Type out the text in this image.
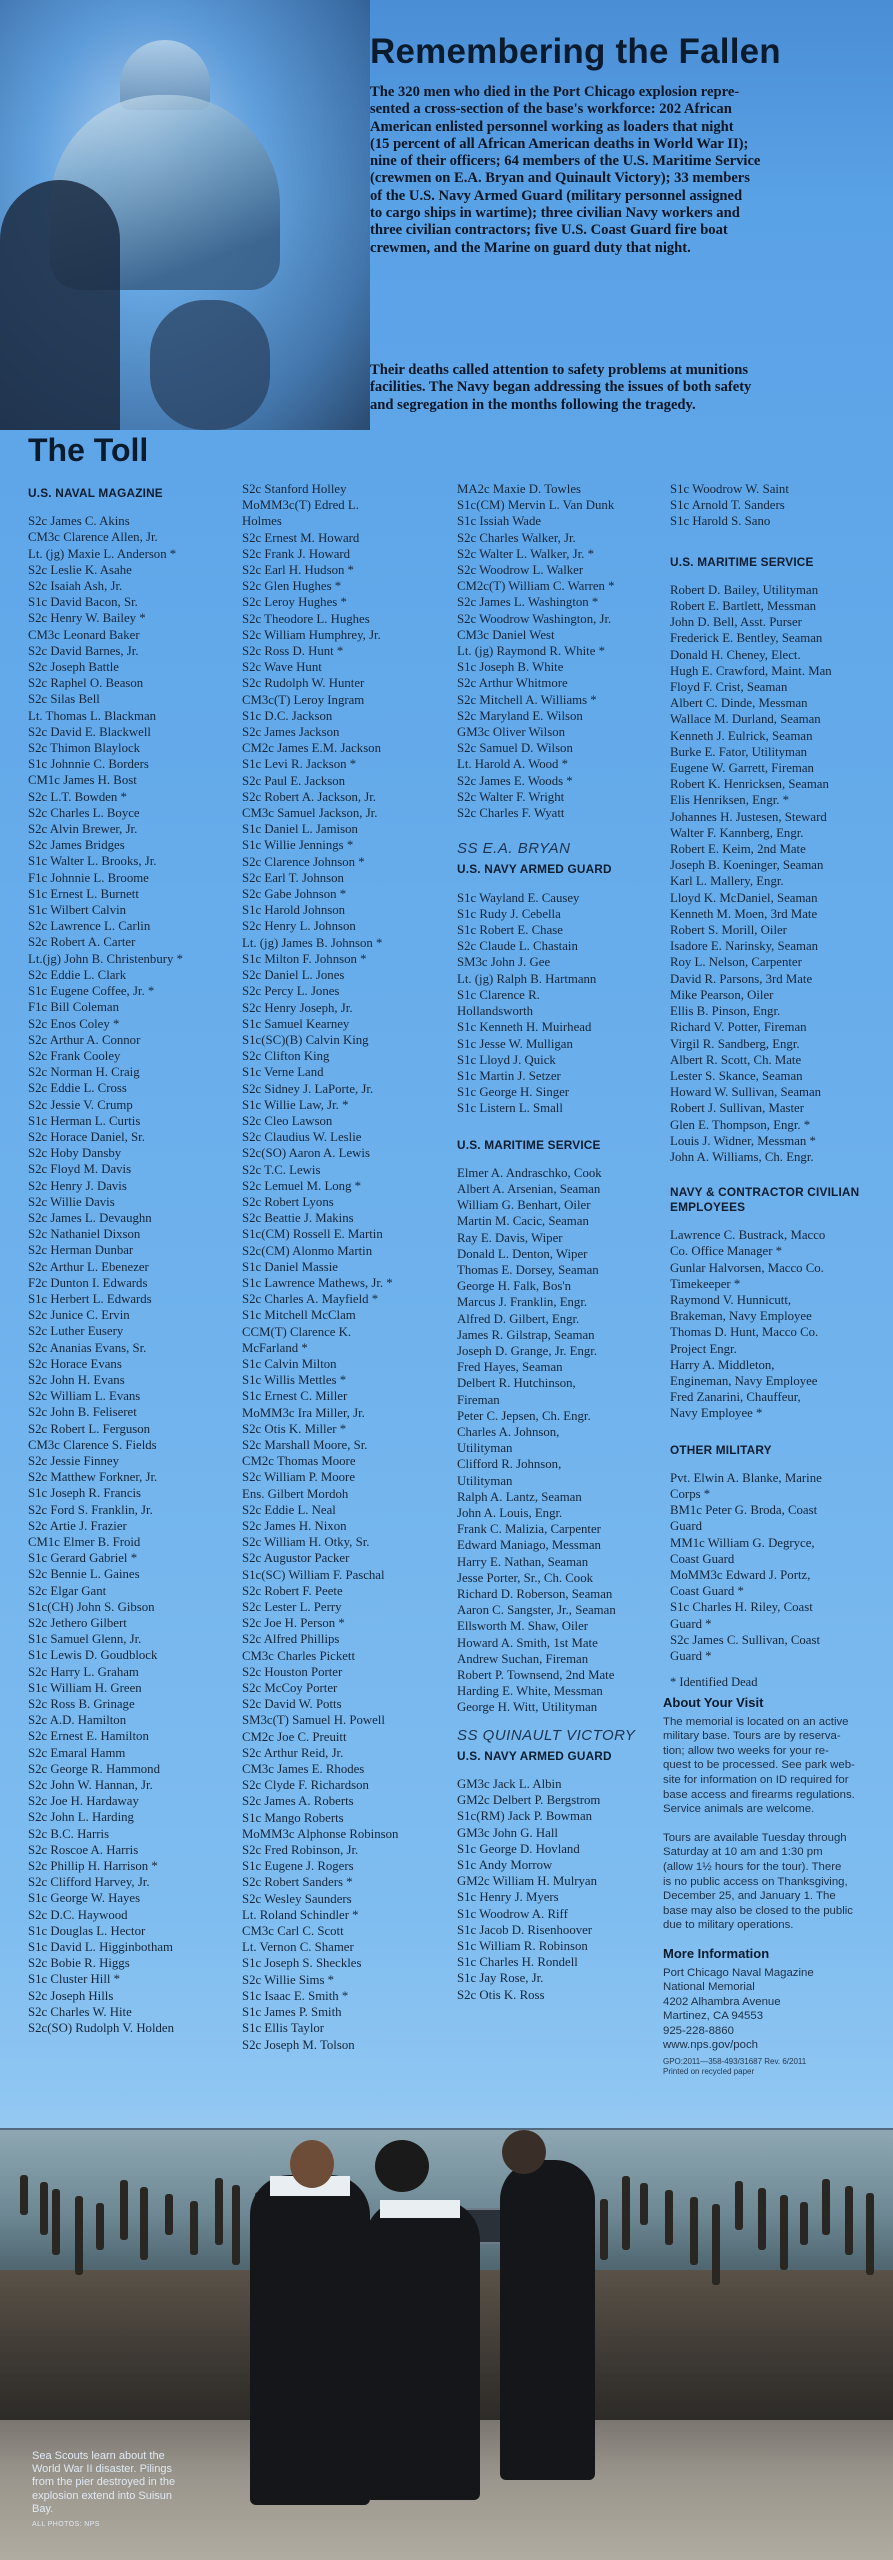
Remembering the Fallen
The 320 men who died in the Port Chicago explosion repre-
sented a cross-section of the base's workforce: 202 African
American enlisted personnel working as loaders that night
(15 percent of all African American deaths in World War II);
nine of their officers; 64 members of the U.S. Maritime Service
(crewmen on E.A. Bryan and Quinault Victory); 33 members
of the U.S. Navy Armed Guard (military personnel assigned
to cargo ships in wartime); three civilian Navy workers and
three civilian contractors; five U.S. Coast Guard fire boat
crewmen, and the Marine on guard duty that night.
Their deaths called attention to safety problems at munitions
facilities. The Navy began addressing the issues of both safety
and segregation in the months following the tragedy.
The Toll
U.S. NAVAL MAGAZINE
S2c James C. Akins
CM3c Clarence Allen, Jr.
Lt. (jg) Maxie L. Anderson *
S2c Leslie K. Asahe
S2c Isaiah Ash, Jr.
S1c David Bacon, Sr.
S2c Henry W. Bailey *
CM3c Leonard Baker
S2c David Barnes, Jr.
S2c Joseph Battle
S2c Raphel O. Beason
S2c Silas Bell
Lt. Thomas L. Blackman
S2c David E. Blackwell
S2c Thimon Blaylock
S1c Johnnie C. Borders
CM1c James H. Bost
S2c L.T. Bowden *
S2c Charles L. Boyce
S2c Alvin Brewer, Jr.
S2c James Bridges
S1c Walter L. Brooks, Jr.
F1c Johnnie L. Broome
S1c Ernest L. Burnett
S1c Wilbert Calvin
S2c Lawrence L. Carlin
S2c Robert A. Carter
Lt.(jg) John B. Christenbury *
S2c Eddie L. Clark
S1c Eugene Coffee, Jr. *
F1c Bill Coleman
S2c Enos Coley *
S2c Arthur A. Connor
S2c Frank Cooley
S2c Norman H. Craig
S2c Eddie L. Cross
S2c Jessie V. Crump
S1c Herman L. Curtis
S2c Horace Daniel, Sr.
S2c Hoby Dansby
S2c Floyd M. Davis
S2c Henry J. Davis
S2c Willie Davis
S2c James L. Devaughn
S2c Nathaniel Dixson
S2c Herman Dunbar
S2c Arthur L. Ebenezer
F2c Dunton I. Edwards
S1c Herbert L. Edwards
S2c Junice C. Ervin
S2c Luther Eusery
S2c Ananias Evans, Sr.
S2c Horace Evans
S2c John H. Evans
S2c William L. Evans
S2c John B. Feliseret
S2c Robert L. Ferguson
CM3c Clarence S. Fields
S2c Jessie Finney
S2c Matthew Forkner, Jr.
S1c Joseph R. Francis
S2c Ford S. Franklin, Jr.
S2c Artie J. Frazier
CM1c Elmer B. Froid
S1c Gerard Gabriel *
S2c Bennie L. Gaines
S2c Elgar Gant
S1c(CH) John S. Gibson
S2c Jethero Gilbert
S1c Samuel Glenn, Jr.
S1c Lewis D. Goudblock
S2c Harry L. Graham
S1c William H. Green
S2c Ross B. Grinage
S2c A.D. Hamilton
S2c Ernest E. Hamilton
S2c Emaral Hamm
S2c George R. Hammond
S2c John W. Hannan, Jr.
S2c Joe H. Hardaway
S2c John L. Harding
S2c B.C. Harris
S2c Roscoe A. Harris
S2c Phillip H. Harrison *
S2c Clifford Harvey, Jr.
S1c George W. Hayes
S2c D.C. Haywood
S1c Douglas L. Hector
S1c David L. Higginbotham
S2c Bobie R. Higgs
S1c Cluster Hill *
S2c Joseph Hills
S2c Charles W. Hite
S2c(SO) Rudolph V. Holden
S2c Stanford Holley
MoMM3c(T) Edred L.
Holmes
S2c Ernest M. Howard
S2c Frank J. Howard
S2c Earl H. Hudson *
S2c Glen Hughes *
S2c Leroy Hughes *
S2c Theodore L. Hughes
S2c William Humphrey, Jr.
S2c Ross D. Hunt *
S2c Wave Hunt
S2c Rudolph W. Hunter
CM3c(T) Leroy Ingram
S1c D.C. Jackson
S2c James Jackson
CM2c James E.M. Jackson
S1c Levi R. Jackson *
S2c Paul E. Jackson
S2c Robert A. Jackson, Jr.
CM3c Samuel Jackson, Jr.
S1c Daniel L. Jamison
S1c Willie Jennings *
S2c Clarence Johnson *
S2c Earl T. Johnson
S2c Gabe Johnson *
S1c Harold Johnson
S2c Henry L. Johnson
Lt. (jg) James B. Johnson *
S1c Milton F. Johnson *
S2c Daniel L. Jones
S2c Percy L. Jones
S2c Henry Joseph, Jr.
S1c Samuel Kearney
S1c(SC)(B) Calvin King
S2c Clifton King
S1c Verne Land
S2c Sidney J. LaPorte, Jr.
S1c Willie Law, Jr. *
S2c Cleo Lawson
S2c Claudius W. Leslie
S2c(SO) Aaron A. Lewis
S2c T.C. Lewis
S2c Lemuel M. Long *
S2c Robert Lyons
S2c Beattie J. Makins
S1c(CM) Rossell E. Martin
S2c(CM) Alonmo Martin
S1c Daniel Massie
S1c Lawrence Mathews, Jr. *
S2c Charles A. Mayfield *
S1c Mitchell McClam
CCM(T) Clarence K.
McFarland *
S1c Calvin Milton
S1c Willis Mettles *
S1c Ernest C. Miller
MoMM3c Ira Miller, Jr.
S2c Otis K. Miller *
S2c Marshall Moore, Sr.
CM2c Thomas Moore
S2c William P. Moore
Ens. Gilbert Mordoh
S2c Eddie L. Neal
S2c James H. Nixon
S2c William H. Otky, Sr.
S2c Augustor Packer
S1c(SC) William F. Paschal
S2c Robert F. Peete
S2c Lester L. Perry
S2c Joe H. Person *
S2c Alfred Phillips
CM3c Charles Pickett
S2c Houston Porter
S2c McCoy Porter
S2c David W. Potts
SM3c(T) Samuel H. Powell
CM2c Joe C. Preuitt
S2c Arthur Reid, Jr.
CM3c James E. Rhodes
S2c Clyde F. Richardson
S2c James A. Roberts
S1c Mango Roberts
MoMM3c Alphonse Robinson
S2c Fred Robinson, Jr.
S1c Eugene J. Rogers
S2c Robert Sanders *
S2c Wesley Saunders
Lt. Roland Schindler *
CM3c Carl C. Scott
Lt. Vernon C. Shamer
S1c Joseph S. Sheckles
S2c Willie Sims *
S1c Isaac E. Smith *
S1c James P. Smith
S1c Ellis Taylor
S2c Joseph M. Tolson
MA2c Maxie D. Towles
S1c(CM) Mervin L. Van Dunk
S1c Issiah Wade
S2c Charles Walker, Jr.
S2c Walter L. Walker, Jr. *
S2c Woodrow L. Walker
CM2c(T) William C. Warren *
S2c James L. Washington *
S2c Woodrow Washington, Jr.
CM3c Daniel West
Lt. (jg) Raymond R. White *
S1c Joseph B. White
S2c Arthur Whitmore
S2c Mitchell A. Williams *
S2c Maryland E. Wilson
GM3c Oliver Wilson
S2c Samuel D. Wilson
Lt. Harold A. Wood *
S2c James E. Woods *
S2c Walter F. Wright
S2c Charles F. Wyatt
SS E.A. BRYAN
U.S. NAVY ARMED GUARD
S1c Wayland E. Causey
S1c Rudy J. Cebella
S1c Robert E. Chase
S2c Claude L. Chastain
SM3c John J. Gee
Lt. (jg) Ralph B. Hartmann
S1c Clarence R.
Hollandsworth
S1c Kenneth H. Muirhead
S1c Jesse W. Mulligan
S1c Lloyd J. Quick
S1c Martin J. Setzer
S1c George H. Singer
S1c Listern L. Small
U.S. MARITIME SERVICE
Elmer A. Andraschko, Cook
Albert A. Arsenian, Seaman
William G. Benhart, Oiler
Martin M. Cacic, Seaman
Ray E. Davis, Wiper
Donald L. Denton, Wiper
Thomas E. Dorsey, Seaman
George H. Falk, Bos'n
Marcus J. Franklin, Engr.
Alfred D. Gilbert, Engr.
James R. Gilstrap, Seaman
Joseph D. Grange, Jr. Engr.
Fred Hayes, Seaman
Delbert R. Hutchinson,
Fireman
Peter C. Jepsen, Ch. Engr.
Charles A. Johnson,
Utilityman
Clifford R. Johnson,
Utilityman
Ralph A. Lantz, Seaman
John A. Louis, Engr.
Frank C. Malizia, Carpenter
Edward Maniago, Messman
Harry E. Nathan, Seaman
Jesse Porter, Sr., Ch. Cook
Richard D. Roberson, Seaman
Aaron C. Sangster, Jr., Seaman
Ellsworth M. Shaw, Oiler
Howard A. Smith, 1st Mate
Andrew Suchan, Fireman
Robert P. Townsend, 2nd Mate
Harding E. White, Messman
George H. Witt, Utilityman
SS QUINAULT VICTORY
U.S. NAVY ARMED GUARD
GM3c Jack L. Albin
GM2c Delbert P. Bergstrom
S1c(RM) Jack P. Bowman
GM3c John G. Hall
S1c George D. Hovland
S1c Andy Morrow
GM2c William H. Mulryan
S1c Henry J. Myers
S1c Woodrow A. Riff
S1c Jacob D. Risenhoover
S1c William R. Robinson
S1c Charles H. Rondell
S1c Jay Rose, Jr.
S2c Otis K. Ross
S1c Woodrow W. Saint
S1c Arnold T. Sanders
S1c Harold S. Sano
U.S. MARITIME SERVICE
Robert D. Bailey, Utilityman
Robert E. Bartlett, Messman
John D. Bell, Asst. Purser
Frederick E. Bentley, Seaman
Donald H. Cheney, Elect.
Hugh E. Crawford, Maint. Man
Floyd F. Crist, Seaman
Albert C. Dinde, Messman
Wallace M. Durland, Seaman
Kenneth J. Eulrick, Seaman
Burke E. Fator, Utilityman
Eugene W. Garrett, Fireman
Robert K. Henricksen, Seaman
Elis Henriksen, Engr. *
Johannes H. Justesen, Steward
Walter F. Kannberg, Engr.
Robert E. Keim, 2nd Mate
Joseph B. Koeninger, Seaman
Karl L. Mallery, Engr.
Lloyd K. McDaniel, Seaman
Kenneth M. Moen, 3rd Mate
Robert S. Morill, Oiler
Isadore E. Narinsky, Seaman
Roy L. Nelson, Carpenter
David R. Parsons, 3rd Mate
Mike Pearson, Oiler
Ellis B. Pinson, Engr.
Richard V. Potter, Fireman
Virgil R. Sandberg, Engr.
Albert R. Scott, Ch. Mate
Lester S. Skance, Seaman
Howard W. Sullivan, Seaman
Robert J. Sullivan, Master
Glen E. Thompson, Engr. *
Louis J. Widner, Messman *
John A. Williams, Ch. Engr.
NAVY & CONTRACTOR CIVILIAN EMPLOYEES
Lawrence C. Bustrack, Macco
Co. Office Manager *
Gunlar Halvorsen, Macco Co.
Timekeeper *
Raymond V. Hunnicutt,
Brakeman, Navy Employee
Thomas D. Hunt, Macco Co.
Project Engr.
Harry A. Middleton,
Engineman, Navy Employee
Fred Zanarini, Chauffeur,
Navy Employee *
OTHER MILITARY
Pvt. Elwin A. Blanke, Marine
Corps *
BM1c Peter G. Broda, Coast
Guard
MM1c William G. Degryce,
Coast Guard
MoMM3c Edward J. Portz,
Coast Guard *
S1c Charles H. Riley, Coast
Guard *
S2c James C. Sullivan, Coast
Guard *
* Identified Dead
About Your Visit

The memorial is located on an active
military base. Tours are by reserva-
tion; allow two weeks for your re-
quest to be processed. See park web-
site for information on ID required for
base access and firearms regulations.
Service animals are welcome.

Tours are available Tuesday through
Saturday at 10 am and 1:30 pm
(allow 1½ hours for the tour). There
is no public access on Thanksgiving,
December 25, and January 1. The
base may also be closed to the public
due to military operations.

More Information
Port Chicago Naval Magazine
National Memorial
4202 Alhambra Avenue
Martinez, CA 94553
925-228-8860
www.nps.gov/poch
GPO:2011—358-493/31687 Rev. 6/2011
Printed on recycled paper
Sea Scouts learn about the World War II disaster. Pilings from the pier destroyed in the explosion extend into Suisun Bay.
ALL PHOTOS: NPS
